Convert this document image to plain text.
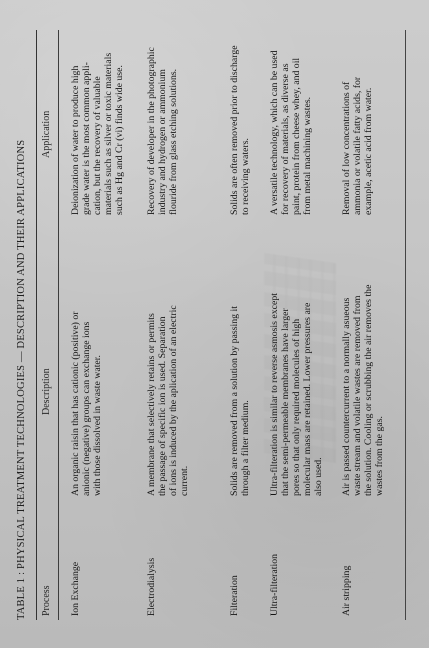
TABLE 1 : PHYSICAL TREATMENT TECHNOLOGIES — DESCRIPTION AND THEIR APPLICATIONS Process
Description
Application
Ion Exchange
An organic raisin that has cationic (positive) or anionic (negative) groups can exchange ions with those dissolved in waste water.
Deionization of water to produce high grade water is the most common appli- cation, but the recovery of valuable materials such as silver or toxic materials such as Hg and Cr (vi) finds wide use.
Electrodialysis
A membrane that selectively retains or permits the passage of specific ion is used. Separation of ions is induced by the aplication of an electric current.
Recovery of developer in the photographic industry and hydrogen or ammonium flouride from glass etching solutions.
Filteration
Solids are removed from a solution by passing it through a filter medium.
Solids are often removed prior to discharge to receiving waters.
Ultra-filteration
Ultra-filteration is similar to reverse asmosis except that the semi-permeable membranes have larger pores so that only required molecules of high molecular mass are retained. Lower pressures are also used.
A versatile technology, which can be used for recovery of materials, as diverse as paint, protein from cheese whey, and oil from metal machining wastes.
Air stripping
Air is passed countercurrent to a normally asueous waste stream and volatile wastes are removed from the solution. Cooling or scrubbing the air removes the wastes from the gas.
Removal of low concentrations of ammonia or volatile fatty acids, for example, acetic acid from water.
